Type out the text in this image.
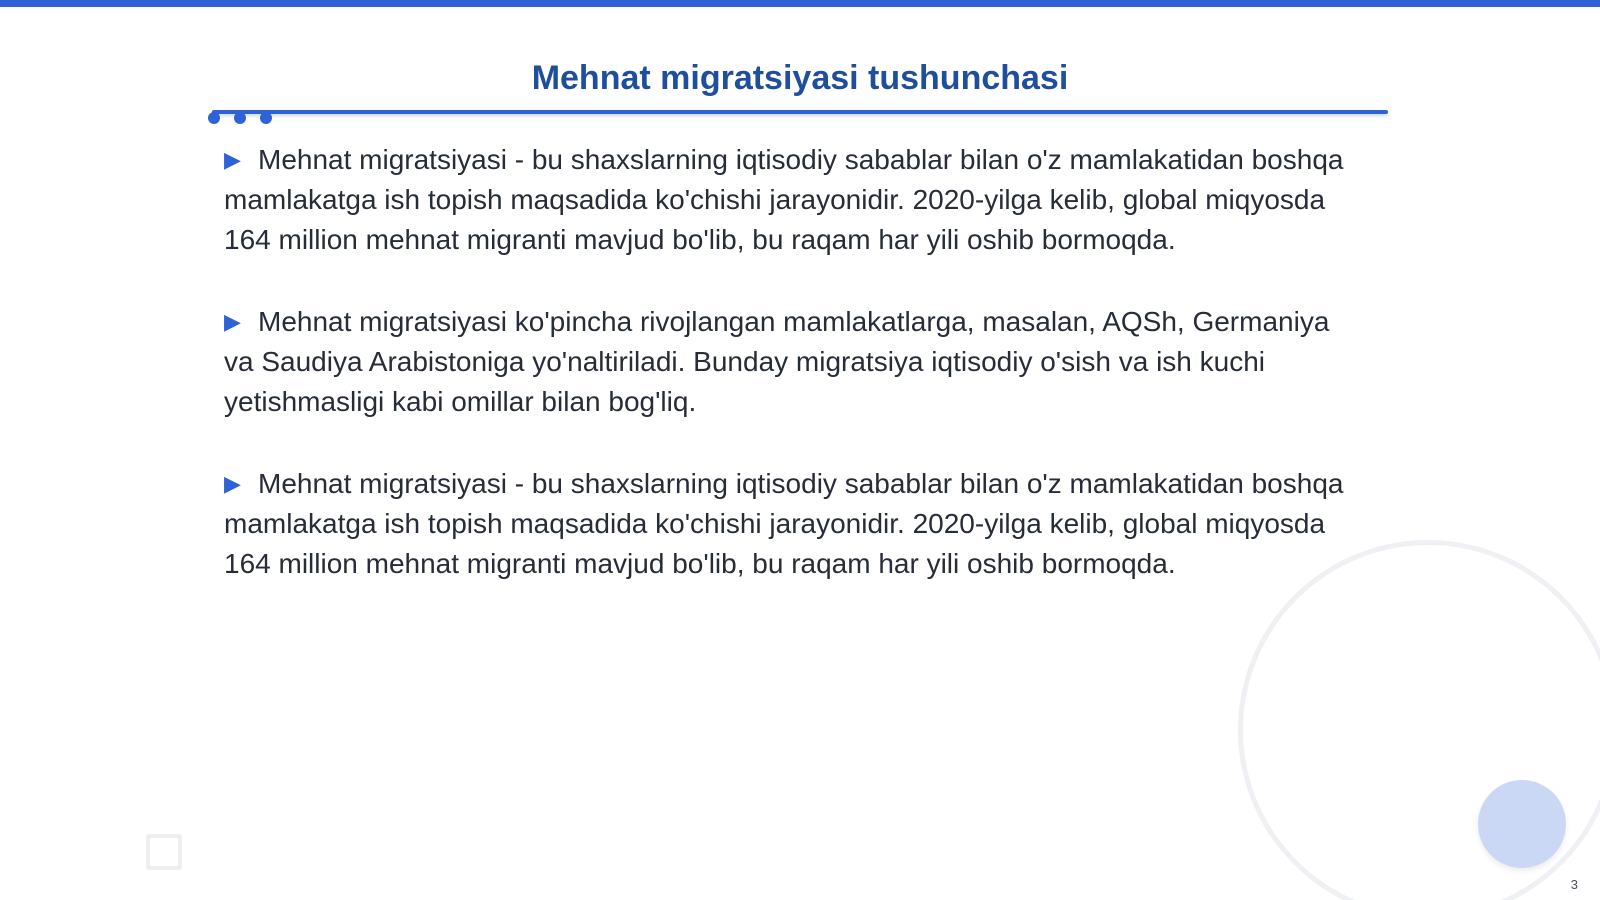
Mehnat migratsiyasi tushunchasi

▶ Mehnat migratsiyasi - bu shaxslarning iqtisodiy sabablar bilan o'z mamlakatidan boshqa mamlakatga ish topish maqsadida ko'chishi jarayonidir. 2020-yilga kelib, global miqyosda 164 million mehnat migranti mavjud bo'lib, bu raqam har yili oshib bormoqda.

▶ Mehnat migratsiyasi ko'pincha rivojlangan mamlakatlarga, masalan, AQSh, Germaniya va Saudiya Arabistoniga yo'naltiriladi. Bunday migratsiya iqtisodiy o'sish va ish kuchi yetishmasligi kabi omillar bilan bog'liq.

▶ Mehnat migratsiyasi - bu shaxslarning iqtisodiy sabablar bilan o'z mamlakatidan boshqa mamlakatga ish topish maqsadida ko'chishi jarayonidir. 2020-yilga kelib, global miqyosda 164 million mehnat migranti mavjud bo'lib, bu raqam har yili oshib bormoqda.

3
